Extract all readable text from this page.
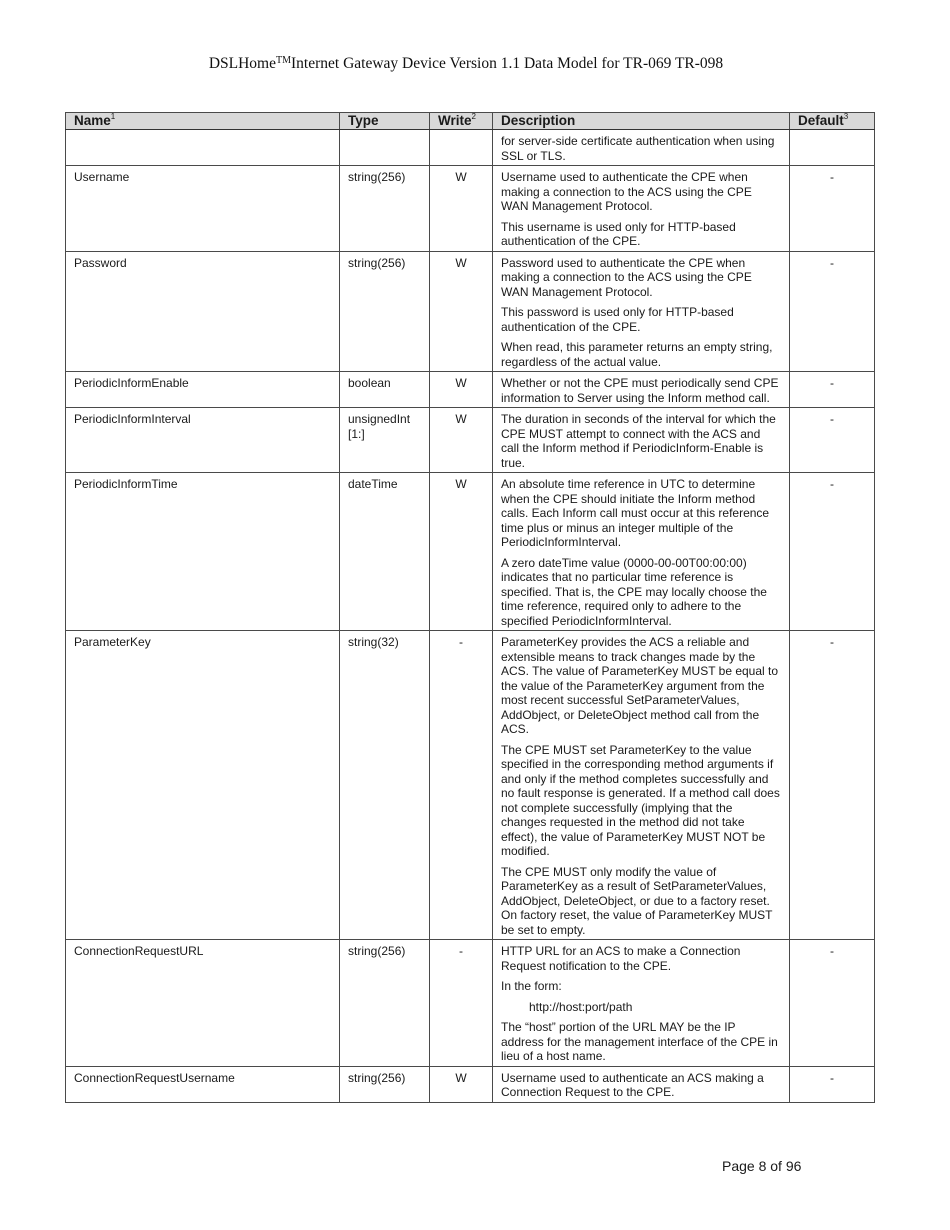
DSLHome™Internet Gateway Device Version 1.1 Data Model for TR-069 TR-098
Name$^1$	Type	Write$^2$	Description	Default$^3$

			for server-side certificate authentication when using SSL or TLS.	

Username	string(256)	W	Username used to authenticate the CPE when making a connection to the ACS using the CPE WAN Management Protocol.

This username is used only for HTTP-based authentication of the CPE.	-
Password	string(256)	W	Password used to authenticate the CPE when making a connection to the ACS using the CPE WAN Management Protocol.

This password is used only for HTTP-based authentication of the CPE.

When read, this parameter returns an empty string, regardless of the actual value.	-
PeriodicInformEnable	boolean	W	Whether or not the CPE must periodically send CPE information to Server using the Inform method call.	-
PeriodicInformInterval	unsignedInt [1:]	W	The duration in seconds of the interval for which the CPE MUST attempt to connect with the ACS and call the Inform method if PeriodicInform-Enable is true.	-
PeriodicInformTime	dateTime	W	An absolute time reference in UTC to determine when the CPE should initiate the Inform method calls. Each Inform call must occur at this reference time plus or minus an integer multiple of the PeriodicInformInterval.

A zero dateTime value (0000-00-00T00:00:00) indicates that no particular time reference is specified. That is, the CPE may locally choose the time reference, required only to adhere to the specified PeriodicInformInterval.	-
ParameterKey	string(32)	-	ParameterKey provides the ACS a reliable and extensible means to track changes made by the ACS. The value of ParameterKey MUST be equal to the value of the ParameterKey argument from the most recent successful SetParameterValues, AddObject, or DeleteObject method call from the ACS.

The CPE MUST set ParameterKey to the value specified in the corresponding method arguments if and only if the method completes successfully and no fault response is generated. If a method call does not complete successfully (implying that the changes requested in the method did not take effect), the value of ParameterKey MUST NOT be modified.

The CPE MUST only modify the value of ParameterKey as a result of SetParameterValues, AddObject, DeleteObject, or due to a factory reset. On factory reset, the value of ParameterKey MUST be set to empty.	-
ConnectionRequestURL	string(256)	-	HTTP URL for an ACS to make a Connection Request notification to the CPE.

In the form:

http://host:port/path

The “host” portion of the URL MAY be the IP address for the management interface of the CPE in lieu of a host name.	-
ConnectionRequestUsername	string(256)	W	Username used to authenticate an ACS making a Connection Request to the CPE.	-
Page 8 of 96
